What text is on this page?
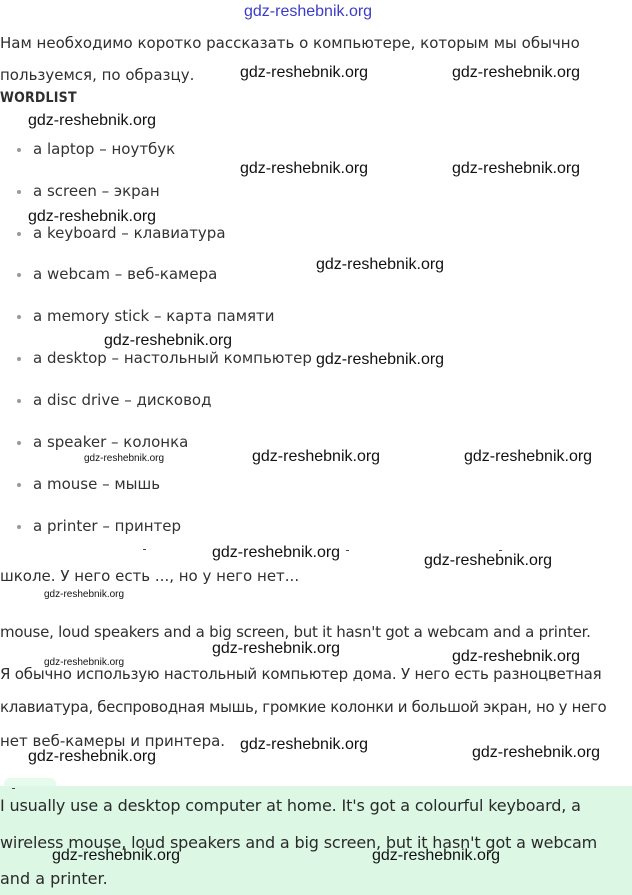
gdz-reshebnik.org
Нам необходимо коротко рассказать о компьютере, которым мы обычно
пользуемся, по образцу.	gdz-reshebnik.org	gdz-reshebnik.org
WORDLIST
gdz-reshebnik.org
a laptop – ноутбук
gdz-reshebnik.org	gdz-reshebnik.org
a screen – экран
gdz-reshebnik.org
a keyboard – клавиатура
a webcam – веб-камера
gdz-reshebnik.org
a memory stick – карта памяти
gdz-reshebnik.org
a desktop – настольный компьютер gdz-reshebnik.org
a disc drive – дисковод
a speaker – колонка
gdz-reshebnik.org	gdz-reshebnik.org	gdz-reshebnik.org
a mouse – мышь
a printer – принтер
gdz-reshebnik.org	gdz-reshebnik.org
школе. У него есть ..., но у него нет...
gdz-reshebnik.org
mouse, loud speakers and a big screen, but it hasn't got a webcam and a printer.
gdz-reshebnik.org
gdz-reshebnik.org	gdz-reshebnik.org
Я обычно использую настольный компьютер дома. У него есть разноцветная
клавиатура, беспроводная мышь, громкие колонки и большой экран, но у него
нет веб-камеры и принтера. gdz-reshebnik.org
gdz-reshebnik.org	gdz-reshebnik.org
I usually use a desktop computer at home. It's got a colourful keyboard, a
wireless mouse, loud speakers and a big screen, but it hasn't got a webcam
and a printer.
gdz-reshebnik.org	gdz-reshebnik.org
